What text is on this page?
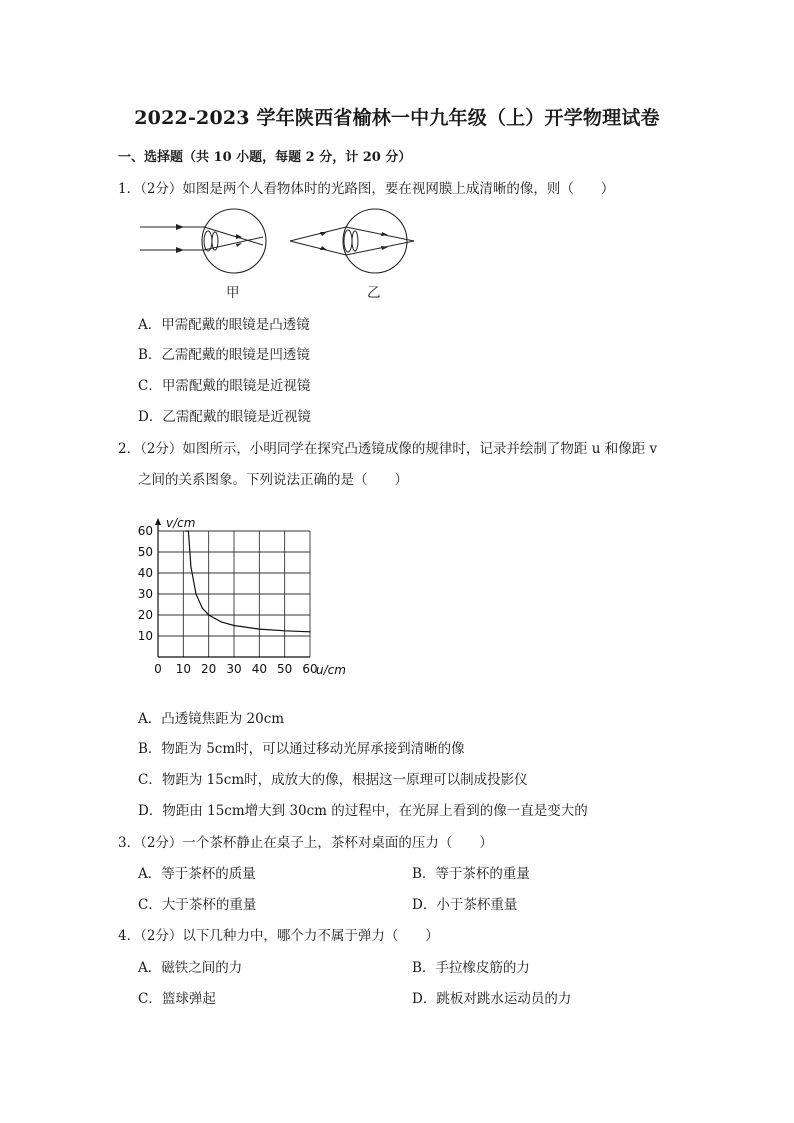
2022-2023 学年陕西省榆林一中九年级（上）开学物理试卷
一、选择题（共 10 小题，每题 2 分，计 20 分）
1．（2分）如图是两个人看物体时的光路图，要在视网膜上成清晰的像，则（　　）
甲	乙
A．甲需配戴的眼镜是凸透镜
B．乙需配戴的眼镜是凹透镜
C．甲需配戴的眼镜是近视镜
D．乙需配戴的眼镜是近视镜
2．（2分）如图所示，小明同学在探究凸透镜成像的规律时，记录并绘制了物距 u 和像距 v
之间的关系图象。下列说法正确的是（　　）
0 10 20 30 40 50 60
10
20
30
40
50
60
u/cm
v/cm
A．凸透镜焦距为 20cm
B．物距为 5cm时，可以通过移动光屏承接到清晰的像
C．物距为 15cm时，成放大的像，根据这一原理可以制成投影仪
D．物距由 15cm增大到 30cm 的过程中，在光屏上看到的像一直是变大的
3．（2分）一个茶杯静止在桌子上，茶杯对桌面的压力（　　）
A．等于茶杯的质量	B．等于茶杯的重量
C．大于茶杯的重量	D．小于茶杯重量
4．（2分）以下几种力中，哪个力不属于弹力（　　）
A．磁铁之间的力	B．手拉橡皮筋的力
C．篮球弹起	D．跳板对跳水运动员的力
